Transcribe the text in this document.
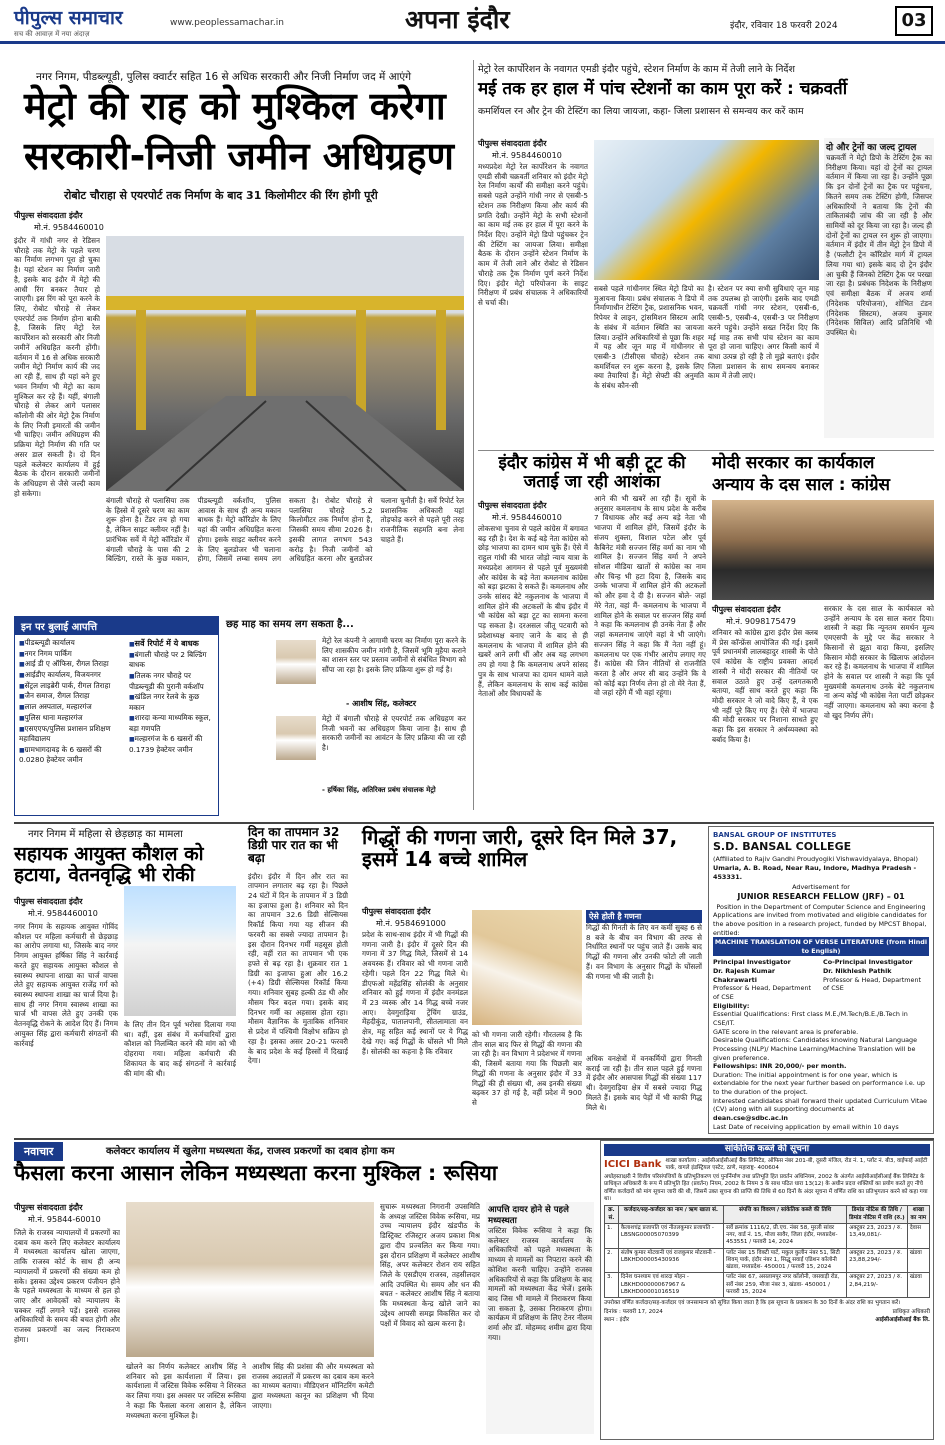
पीपुल्स समाचार
सच की आवाज़ में नया अंदाज़
www.peoplessamachar.in	अपना इंदौर	इंदौर, रविवार 18 फरवरी 2024	03
नगर निगम, पीडब्ल्यूडी, पुलिस क्वार्टर सहित 16 से अधिक सरकारी और निजी निर्माण जद में आएंगे
मेट्रो की राह को मुश्किल करेगा
सरकारी-निजी जमीन अधिग्रहण
रोबोट चौराहा से एयरपोर्ट तक निर्माण के बाद 31 किलोमीटर की रिंग होगी पूरी
पीपुल्स संवाददाता इंदौर
मो.नं. 9584460010
इंदौर में गांधी नगर से रेडिसन चौराहे तक मेट्रो के पहले चरण का निर्माण लगभग पूरा हो चुका है। यहां स्टेशन का निर्माण जारी है, इसके बाद इंदौर में मेट्रो की आधी रिंग बनकर तैयार हो जाएगी। इस रिंग को पूरा करने के लिए, रोबोट चौराहे से लेकर एयरपोर्ट तक निर्माण होना बाकी है, जिसके लिए मेट्रो रेल कार्पोरेशन को सरकारी और निजी जमीनें अधिग्रहित करनी होंगी। वर्तमान में 16 से अधिक सरकारी जमीन मेट्रो निर्माण कार्य की जद आ रही हैं, साथ ही यहां बने हुए भवन निर्माण भी मेट्रो का काम मुश्किल कर रहे हैं। यहीं, बंगाली चौराहे से लेकर आगे पलासर कॉलोनी की ओर मेट्रो ट्रैक निर्माण के लिए निजी इमारतों की जमीन भी चाहिए। जमीन अधिग्रहण की प्रक्रिया मेट्रो निर्माण की गति पर असर डाल सकती है। दो दिन पहले कलेक्टर कार्यालय में हुई बैठक के दौरान सरकारी जमीनों के अधिग्रहण से जैसे जल्दी काम हो सकेगा।
बंगाली चौराहे से पलासिया तक के हिस्से में दूसरे चरण का काम शुरू होना है। टेंडर तय हो गया है, लेकिन साइट क्लीयर नहीं है। प्रारंभिक सर्वे में मेट्रो कॉरिडोर में बंगाली चौराहे के पास की 2 बिल्डिंग, रास्ते के कुछ मकान, पीडब्ल्यूडी वर्कशॉप, पुलिस आवास के साथ ही अन्य मकान बाधक हैं। मेट्रो कॉरिडोर के लिए यहां की जमीन अधिग्रहित करना होगा। इसके साइट क्लीयर करने के लिए बुलडोजर भी चलाना होगा, जिसमें लम्बा समय लग सकता है। रोबोट चौराहे से पलासिया चौराहे 5.2 किलोमीटर तक निर्माण होना है, जिसकी समय सीमा 2026 है। इसकी लागत लगभग 543 करोड़ है। निजी जमीनों को अधिग्रहित करना और बुलडोजर चलाना चुनौती है। सर्वे रिपोर्ट रेल प्रशासनिक अधिकारी यहां तोड़फोड़ करने से पहले पूरी तरह राजनीतिक सहमति बना लेना चाहते हैं।
इन पर बुलाई आपत्ति
■ पीडब्ल्यूडी कार्यालय
■ नगर निगम पार्किंग
■ आई डी ए ऑफिस, रीगल तिराहा
■ आईडीए कार्यालय, विजयनगर
■ सेंट्रल लाइब्रेरी पार्क, रीगल तिराहा
■ जैन समाज, रीगल तिराहा
■ लाल अस्पताल, मल्हारगंज
■ पुलिस थाना मल्हारगंज
■ एसएएफ/पुलिस प्रशासन प्रशिक्षण महाविद्यालय
■ ग्रामभागदावड़ के 6 खसरों की 0.0280 हेक्टेयर जमीन
■ सर्वे रिपोर्ट में ये बाधक
■ बंगाली चौराहे पर 2 बिल्डिंग बाधक
■ तिलक नगर चौराहे पर पीडब्ल्यूडी की पुरानी वर्कशॉप
■ खंडिल नगर रेलवे के कुछ मकान
■ शारदा कन्या माध्यमिक स्कूल, बड़ा गणपति
■ मल्हारगंज के 6 खसरों की 0.1739 हेक्टेयर जमीन
छह माह का समय लग सकता है...
मेट्रो रेल कंपनी ने आगामी चरण का निर्माण पूरा करने के लिए शासकीय जमीन मांगी है, जिसमें भूमि मुहैया कराने का शासन स्तर पर प्रस्ताव जमीनों से संबंधित विभाग को सौंपा जा रहा है। इसके लिए प्रक्रिया शुरू हो गई है।
- आशीष सिंह, कलेक्टर
मेट्रो में बंगाली चौराहे से एयरपोर्ट तक अधिग्रहण कर निजी भवनों का अधिग्रहण किया जाना है। साथ ही सरकारी जमीनों का आवंटन के लिए प्रक्रिया की जा रही है।
- हर्षिका सिंह, अतिरिक्त प्रबंध संचालक मेट्रो
मेट्रो रेल कार्पोरेशन के नवागत एमडी इंदौर पहुंचे, स्टेशन निर्माण के काम में तेजी लाने के निर्देश
मई तक हर हाल में पांच स्टेशनों का काम पूरा करें : चक्रवर्ती
कमर्शियल रन और ट्रेन की टेस्टिंग का लिया जायजा, कहा- जिला प्रशासन से समन्वय कर करें काम
पीपुल्स संवाददाता इंदौर
मो.नं. 9584460010
मध्यप्रदेश मेट्रो रेल कार्पोरेशन के नवागत एमडी सीबी चक्रवर्ती शनिवार को इंदौर मेट्रो रेल निर्माण कार्यों की समीक्षा करने पहुंचे। सबसे पहले उन्होंने गांधी नगर से एसबी-5 स्टेशन तक निरीक्षण किया और कार्य की प्रगति देखी। उन्होंने मेट्रो के सभी स्टेशनों का काम मई तक हर हाल में पूरा करने के निर्देश दिए। उन्होंने मेट्रो डिपो पहुंचकर ट्रेन की टेस्टिंग का जायजा लिया। समीक्षा बैठक के दौरान उन्होंने स्टेशन निर्माण के काम में तेजी लाने और रोबोट से रेडिसन चौराहे तक ट्रैक निर्माण पूर्ण करने निर्देश दिए। इंदौर मेट्रो परियोजना के साइट निरीक्षण में प्रबंध संचालक ने अधिकारियों से चर्चा की।
सबसे पहले गांधीनगर स्थित मेट्रो डिपो का मुआयना किया। प्रबंध संचालक ने डिपो में निर्माणाधीन टेस्टिंग ट्रैक, प्रशासनिक भवन, रिपेयर वे लाइन, ट्रांसमिशन सिस्टम आदि के संबंध में वर्तमान स्थिति का जायजा लिया। उन्होंने अधिकारियों से पूछा कि शहर में यह और जून माह में गांधीनगर से एसबी-3 (टीसीएस चौराहे) स्टेशन तक कमर्शियल रन शुरू करना है, इसके लिए क्या तैयारियां हैं। मेट्रो सेफ्टी की अनुमति के संबंध कौन-सी
है। स्टेशन पर क्या सभी सुविधाएं जून माह तक उपलब्ध हो जाएंगी। इसके बाद एमडी चक्रवर्ती गांधी नगर स्टेशन, एसबी-6, एसबी-5, एसबी-4, एसबी-3 पर निरीक्षण करने पहुंचे। उन्होंने सख्त निर्देश दिए कि मई माह तक सभी पांच स्टेशन का काम पूरा हो जाना चाहिए। अगर किसी कार्य में बाधा उत्पन्न हो रही है तो मुझे बताएं। इंदौर जिला प्रशासन के साथ समन्वय बनाकर काम में तेजी लाएं।
दो और ट्रेनों का जल्द ट्रायल
चक्रवर्ती ने मेट्रो डिपो के टेस्टिंग ट्रैक का निरीक्षण किया। यहां दो ट्रेनों का ट्रायल वर्तमान में किया जा रहा है। उन्होंने पूछा कि इन दोनों ट्रेनों का ट्रैक पर पहुंचना, कितने समय तक टेस्टिंग होगी, जिसपर अधिकारियों ने बताया कि ट्रेनों की ताकिताबंदी जांच की जा रही है और सामियों को दूर किया जा रहा है। जल्द ही दोनों ट्रेनों का ट्रायल रन शुरू हो जाएगा। वर्तमान में इंदौर में तीन मेट्रो ट्रेन डिपो में है (फलौटी ट्रेन कॉरिडोर मार्ग में ट्रायल लिया गया था) इसके बाद दो ट्रेन इंदौर आ चुकी हैं जिनको टेस्टिंग ट्रैक पर परखा जा रहा है। प्रबंधक निदेशक के निरीक्षण एवं समीक्षा बैठक में अजय शर्मा (निदेशक परियोजना), शोभित टंडन (निदेशक सिस्टम), अजय कुमार (निदेशक सिविल) आदि प्रतिनिधि भी उपस्थित थे।
इंदौर कांग्रेस में भी बड़ी टूट की जताई जा रही आशंका
पीपुल्स संवाददाता इंदौर
मो.नं. 9584460010
लोकसभा चुनाव से पहले कांग्रेस में बगावत बढ़ रही है। देश के कई बड़े नेता कांग्रेस को छोड़ भाजपा का दामन थाम चुके हैं। ऐसे में राहुल गांधी की भारत जोड़ो न्याय यात्रा के मध्यप्रदेश आगमन से पहले पूर्व मुख्यमंत्री और कांग्रेस के बड़े नेता कमलनाथ कांग्रेस को बड़ा झटका दे सकते हैं। कमलनाथ और उनके सांसद बेटे नकुलनाथ के भाजपा में शामिल होने की अटकलों के बीच इंदौर में भी कांग्रेस को बड़ा टूट का सामना करना पड़ सकता है। दरअसल जीतू पटवारी को प्रदेशाध्यक्ष बनाए जाने के बाद से ही कमलनाथ के भाजपा में शामिल होने की खबरें आने लगी थीं और अब यह लगभग तय हो गया है कि कमलनाथ अपने सांसद पुत्र के साथ भाजपा का दामन थामने वाले हैं, लेकिन कमलनाथ के साथ कई कांग्रेस नेताओं और विधायकों के
आने की भी खबरें आ रही हैं। सूत्रों के अनुसार कमलनाथ के साथ प्रदेश के करीब 7 विधायक और कई अन्य बड़े नेता भी भाजपा में शामिल होंगे, जिसमें इंदौर के संजय शुक्ला, विशाल पटेल और पूर्व कैबिनेट मंत्री सज्जन सिंह वर्मा का नाम भी शामिल है। सज्जन सिंह वर्मा ने अपने सोशल मीडिया खातों से कांग्रेस का नाम और चिन्ह भी हटा दिया है, जिसके बाद उनके भाजपा में शामिल होने की अटकलों को और हवा दे दी है। सज्जन बोले- जहां मेरे नेता, वहां मैं- कमलनाथ के भाजपा में शामिल होने के सवाल पर सज्जन सिंह वर्मा ने कहा कि कमलनाथ ही उनके नेता हैं और जहां कमलनाथ जाएंगे वहां वे भी जाएंगे। सज्जन सिंह ने कहा कि मैं नेता नहीं हूं। कमलनाथ पर एक गंभीर आरोप लगाए गए हैं। कांग्रेस की जिन नीतियों से राजनीति करता है और अपर सी बाद उन्होंने कि वे को कोई बड़ा निर्णय लेना हो तो मेरे नेता हैं, वो जहां रहेंगे मैं भी वहां रहूंगा।
मोदी सरकार का कार्यकाल
अन्याय के दस साल : कांग्रेस
पीपुल्स संवाददाता इंदौर
मो.नं. 9098175479
शनिवार को कांग्रेस द्वारा इंदौर प्रेस क्लब में प्रेस कॉन्फ्रेंस आयोजित की गई। इसमें पूर्व प्रधानमंत्री लालबहादुर शास्त्री के पोते एवं कांग्रेस के राष्ट्रीय प्रवक्ता आदर्श शास्त्री ने मोदी सरकार की नीतियों पर सवाल उठाते हुए उन्हें दलगतकारी बताया, वहीं साथ करते हुए कहा कि मोदी सरकार ने जो वादे किए हैं, वे एक भी नहीं पूरे किए गए हैं। ऐसे में भाजपा की मोदी सरकार पर निशाना साधते हुए कहा कि इस सरकार ने अर्थव्यवस्था को बर्बाद किया है।
सरकार के दस साल के कार्यकाल को उन्होंने अन्याय के दस साल करार दिया। शास्त्री ने कहा कि न्यूनतम समर्थन मूल्य एमएसपी के मुद्दे पर केंद्र सरकार ने किसानों से झूठा वादा किया, इसलिए किसान मोदी सरकार के खिलाफ आंदोलन कर रहे हैं। कमलनाथ के भाजपा में शामिल होने के सवाल पर शास्त्री ने कहा कि पूर्व मुख्यमंत्री कमलनाथ उनके बेटे नकुलनाथ ना अन्य कोई भी कांग्रेस नेता पार्टी छोड़कर नहीं जाएगा। कमलनाथ को क्या करना है वो खुद निर्णय लेंगे।
नगर निगम में महिला से छेड़छाड़ का मामला
सहायक आयुक्त कौशल को हटाया, वेतनवृद्धि भी रोकी
पीपुल्स संवाददाता इंदौर
मो.नं. 9584460010
नगर निगम के सहायक आयुक्त गोविंद कौशल पर महिला कर्मचारी से छेड़छाड़ का आरोप लगाया था, जिसके बाद नगर निगम आयुक्त हर्षिका सिंह ने कार्रवाई करते हुए सहायक आयुक्त कौशल से स्वास्थ्य स्थापना शाखा का चार्ज वापस लेते हुए सहायक आयुक्त राजेंद्र गर्ग को स्वास्थ्य स्थापना शाखा का चार्ज दिया है। साथ ही नगर निगम स्वास्थ्य शाखा का चार्ज भी वापस लेते हुए उनकी एक वेतनवृद्धि रोकने के आदेश दिए हैं। निगम आयुक्त सिंह द्वारा कर्मचारी संगठनों की कार्रवाई
के लिए तीन दिन पूर्व भरोसा दिलाया गया था। वहीं, इस संबंध में कर्मचारियों द्वारा कौशल को निलम्बित करने की मांग को भी दोहराया गया। महिला कर्मचारी की शिकायत के बाद कई संगठनों ने कार्रवाई की मांग की थी।
दिन का तापमान 32 डिग्री पार रात का भी बढ़ा
इंदौर। इंदौर में दिन और रात का तापमान लगातार बढ़ रहा है। पिछले 24 घंटों में दिन के तापमान में 3 डिग्री का इजाफा हुआ है। शनिवार को दिन का तापमान 32.6 डिग्री सेल्सियस रिकॉर्ड किया गया यह सीजन की फरवरी का सबसे ज्यादा तापमान है। इस दौरान दिनभर गर्मी महसूस होती रही, वहीं रात का तापमान भी एक हफ्ते से बढ़ रहा है। शुक्रवार रात 1 डिग्री का इजाफा हुआ और 16.2 (+4) डिग्री सेल्सियस रिकॉर्ड किया गया। शनिवार सुबह हल्की ठंड थी और मौसम फिर बदल गया। इसके बाद दिनभर गर्मी का अहसास होता रहा। मौसम वैज्ञानिक के मुताबिक शनिवार से प्रदेश में पश्चिमी विक्षोभ सक्रिय हो रहा है। इसका असर 20-21 फरवरी के बाद प्रदेश के कई हिस्सों में दिखाई देगा।
गिद्धों की गणना जारी, दूसरे दिन मिले 37, इसमें 14 बच्चे शामिल
पीपुल्स संवाददाता इंदौर
मो.नं. 9584691000
प्रदेश के साथ-साथ इंदौर में भी गिद्धों की गणना जारी है। इंदौर में दूसरे दिन की गणना में 37 गिद्ध मिले, जिसमें से 14 अवयस्क हैं। रविवार को भी गणना जारी रहेगी। पहले दिन 22 गिद्ध मिले थे। डीएफओ महेंद्रसिंह सोलंकी के अनुसार शनिवार को हुई गणना में इंदौर वनमंडल में 23 व्यस्क और 14 गिद्ध बच्चे नजर आए। देवगुराड़िया ट्रेंचिंग ग्राउंड, मेंहदीकुंड, पातालपानी, सीतलामाता वन क्षेत्र, महू सहित कई स्थानों पर ये गिद्ध देखे गए। कई गिद्धों के घोंसले भी मिले हैं। सोलंकी का कहना है कि रविवार
को भी गणना जारी रहेगी। गौरतलब है कि तीन साल बाद फिर से गिद्धों की गणना की जा रही है। वन विभाग ने प्रदेशभर में गणना की, जिसमें बताया गया कि पिछली बार गिद्धों की गणना के अनुसार इंदौर में 33 गिद्धों की ही संख्या थी, अब इनकी संख्या बढ़कर 37 हो गई है, वहीं प्रदेश में 900 से
ऐसे होती है गणना
गिद्धों की गिनती के लिए वन कर्मी सुबह 6 से 8 बजे के बीच वन विभाग की तरफ से निर्धारित स्थानों पर पहुंच जाते हैं। उसके बाद गिद्धों की गणना और उनकी फोटो ली जाती हैं। वन विभाग के अनुसार गिद्धों के घोंसलों की गणना भी की जाती है।
अधिक वनक्षेत्रों में वनकर्मियों द्वारा गिनती कराई जा रही है। तीन साल पहले हुई गणना में इंदौर और आसपास गिद्धों की संख्या 117 थी। देवगुराड़िया क्षेत्र में सबसे ज्यादा गिद्ध मिलते हैं। इसके बाद पेड़ों में भी काफी गिद्ध मिले थे।
BANSAL GROUP OF INSTITUTES
S.D. BANSAL COLLEGE
(Affiliated to Rajiv Gandhi Proudyogiki Vishwavidyalaya, Bhopal)
Umaria, A. B. Road, Near Rau, Indore, Madhya Pradesh - 453331.
Advertisement for
JUNIOR RESEARCH FELLOW (JRF) – 01
Position in the Department of Computer Science and Engineering
Applications are invited from motivated and eligible candidates for the above position in a research project, funded by MPCST Bhopal, entitled:
MACHINE TRANSLATION OF VERSE LITERATURE (from Hindi to English)
Principal Investigator
Dr. Rajesh Kumar Chakrawarti
Professor & Head, Department of CSE
Co-Principal Investigator
Dr. Nikhlesh Pathik
Professor & Head, Department of CSE
Eligibility:
Essential Qualifications: First class M.E./M.Tech/B.E./B.Tech in CSE/IT.
GATE score in the relevant area is preferable.
Desirable Qualifications: Candidates knowing Natural Language Processing (NLP)/ Machine Learning/Machine Translation will be given preference.
Fellowships: INR 20,000/- per month.
Duration: The initial appointment is for one year, which is extendable for the next year further based on performance i.e. up to the duration of the project.
Interested candidates shall forward their updated Curriculum Vitae (CV) along with all supporting documents at
dean.cse@sdbc.ac.in
Last Date of receiving application by email within 10 days
नवाचार	कलेक्टर कार्यालय में खुलेगा मध्यस्थता केंद्र, राजस्व प्रकरणों का दबाव होगा कम
फैसला करना आसान लेकिन मध्यस्थता करना मुश्किल : रूसिया
पीपुल्स संवाददाता इंदौर
मो.नं. 95844-60010
जिले के राजस्व न्यायालयों में प्रकरणों का दबाव कम करने लिए कलेक्टर कार्यालय में मध्यस्थता कार्यालय खोला जाएगा, ताकि राजस्व कोर्ट के साथ ही अन्य न्यायालयों में प्रकरणों की संख्या कम हो सके। इसका उद्देश्य प्रकरण पंजीयन होने के पहले मध्यस्थता के माध्यम से हल हो जाए और आवेदकों को न्यायालय के चक्कर नहीं लगाने पड़ें। इससे राजस्व अधिकारियों के समय की बचत होगी और राजस्व प्रकरणों का जल्द निराकरण होगा।
खोलने का निर्णय कलेक्टर आशीष सिंह ने शनिवार को इस कार्यशाला में लिया। इस कार्यशाला में जस्टिस विवेक रूसिया ने शिरकत कर लिया गया। इस अवसर पर जस्टिस रूसिया ने कहा कि फैसला करना आसान है, लेकिन मध्यस्थता करना मुश्किल है।
आशीष सिंह की प्रशंसा की और मध्यस्थता को राजस्व अदालतों में प्रकरण का दबाव कम करने का माध्यम बताया। मीडिएशन मॉनिटरिंग कमेटी द्वारा मध्यस्थता कानून का प्रशिक्षण भी दिया जाएगा।
सुचारू मध्यस्थता निगरानी उपसमिति के अध्यक्ष जस्टिस विवेक रूसिया, मप्र उच्च न्यायालय इंदौर खंडपीठ के डिस्ट्रिक्ट रजिस्ट्रार अजय प्रकाश मिश्र द्वारा दीप प्रज्वलित कर किया गया। इस दौरान प्रशिक्षण में कलेक्टर आशीष सिंह, अपर कलेक्टर रोशन राय सहित जिले के एसडीएम राजस्व, तहसीलदार आदि उपस्थित थे। समय और धन की बचत - कलेक्टर आशीष सिंह ने बताया कि मध्यस्थता केन्द्र खोले जाने का उद्देश्य आपसी समझ विकसित कर दो पक्षों में विवाद को खत्म करना है।
आपत्ति दायर होने से पहले मध्यस्थता
जस्टिस विवेक रूसिया ने कहा कि कलेक्टर राजस्व कार्यालय के अधिकारियों को पहले मध्यस्थता के माध्यम से मामलों का निपटारा करने की कोशिश करनी चाहिए। उन्होंने राजस्व अधिकारियों से कहा कि प्रशिक्षण के बाद मामलों को मध्यस्थता केंद्र भेजें। इसके बाद जिस भी मामले में निराकरण किया जा सकता है, उसका निराकरण होगा। कार्यक्रम में प्रशिक्षण के लिए टेनर नीलम शर्मा और डॉ. मोहम्मद शमीम द्वारा दिया गया।
सांकेतिक कब्जे की सूचना
ICICI Bank शाखा कार्यालय : आईसीआईसीआई बैंक लिमिटेड, ऑफिस नंबर 201-बी, दूसरी मंजिल, रोड नं. 1, प्लॉट नं. बी3, वाईफाई आईटी पार्क, वागले इंडस्ट्रियल एस्टेट, ठाणे, महाराष्ट्र- 400604
अधोहस्ताक्षरी ने वित्तीय परिसंपत्तियों के प्रतिभूतिकरण एवं पुनर्निर्माण तथा प्रतिभूति हित प्रवर्तन अधिनियम, 2002 के अंतर्गत आईसीआईसीआई बैंक लिमिटेड के प्राधिकृत अधिकारी के रूप में प्रतिभूति हित (प्रवर्तन) नियम, 2002 के नियम 3 के साथ पठित धारा 13(12) के अधीन प्रदत्त शक्तियों का प्रयोग करते हुए नीचे वर्णित कर्जदारों को मांग सूचना जारी की थी, जिसमें उक्त सूचना की प्राप्ति की तिथि से 60 दिनों के अंदर सूचना में वर्णित राशि का प्रतिभुगतान करने को कहा गया था।
क्र. सं.	कर्जदार/सह-कर्जदार का नाम / ऋण खाता सं.	संपत्ति का विवरण / सांकेतिक कब्जे की तिथि	डिमांड नोटिस की तिथि / डिमांड नोटिस में राशि (रु.)	शाखा का नाम
1.	कैलाशचंद्र प्रजापति एवं नीतलकुमार प्रजापति - LBSNG00005070399	सर्वे क्रमांक 1116/2, प्री.एच. नंबर 58, मुरली सांवर नगर, वार्ड नं. 15, मौजा सावैर, जिला इंदौर, मध्यप्रदेश- 453551 / फरवरी 14, 2024	अक्टूबर 23, 2023 / रु. 13,49,081/-	देवास
2.	संतोष कुमार मोटवानी एवं राजकुमार मोटवानी - LBKHD00005430936	प्लॉट नंबर 15 विक्टी पार्ट, मकुल कुलीन नंबर 51, सिटी शिवम् पार्क, इंदौर नंबर 1, सिद्धू सवाई एडिशन कॉलोनी खंडवा, मध्यप्रदेश- 450001 / फरवरी 15, 2024	अक्टूबर 23, 2023 / रु. 23,88,294/-	खंडवा
3.	दिनेश घनश्याम एवं शारदा मोहन - LBKHD00000067967 & LBKHD00001016519	प्लॉट नंबर 67, असलामपुर नगर कॉलोनी, जसवाड़ी रोड, सर्वे नंबर 259, मौजा नंबर 3, खंडवा- 450001 / फरवरी 15, 2024	अक्टूबर 27, 2023 / रु. 2,84,219/-	खंडवा
उपरोक्त वर्णित कर्जदार/सह-कर्जदार एवं जनसामान्य को सूचित किया जाता है कि इस सूचना के प्रकाशन के 30 दिनों के अंदर राशि का भुगतान करें।
दिनांक : फरवरी 17, 2024
स्थान : इंदौर
प्राधिकृत अधिकारी
आईसीआईसीआई बैंक लि.
